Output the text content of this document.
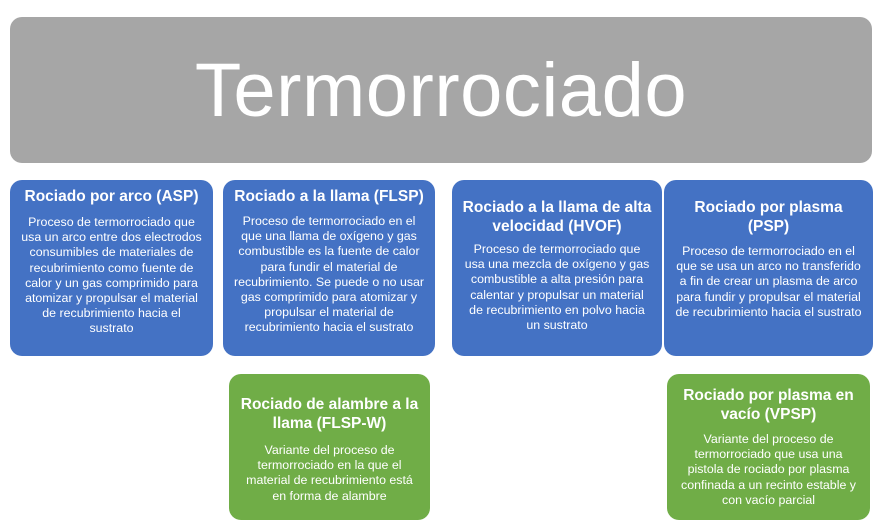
Termorrociado
Rociado por arco (ASP)
Proceso de termorrociado que usa un arco entre dos electrodos consumibles de materiales de recubrimiento como fuente de calor y un gas comprimido para atomizar y propulsar el material de recubrimiento hacia el sustrato
Rociado a la llama (FLSP)
Proceso de termorrociado en el que una llama de oxígeno y gas combustible es la fuente de calor para fundir el material de recubrimiento. Se puede o no usar gas comprimido para atomizar y propulsar el material de recubrimiento hacia el sustrato
Rociado a la llama de alta velocidad (HVOF)
Proceso de termorrociado que usa una mezcla de oxígeno y gas combustible a alta presión para calentar y propulsar un material de recubrimiento en polvo hacia un sustrato
Rociado por plasma (PSP)
Proceso de termorrociado en el que se usa un arco no transferido a fin de crear un plasma de arco para fundir y propulsar el material de recubrimiento hacia el sustrato
Rociado de alambre a la llama (FLSP-W)
Variante del proceso de termorrociado en la que el material de recubrimiento está en forma de alambre
Rociado por plasma en vacío (VPSP)
Variante del proceso de termorrociado que usa una pistola de rociado por plasma confinada a un recinto estable y con vacío parcial
